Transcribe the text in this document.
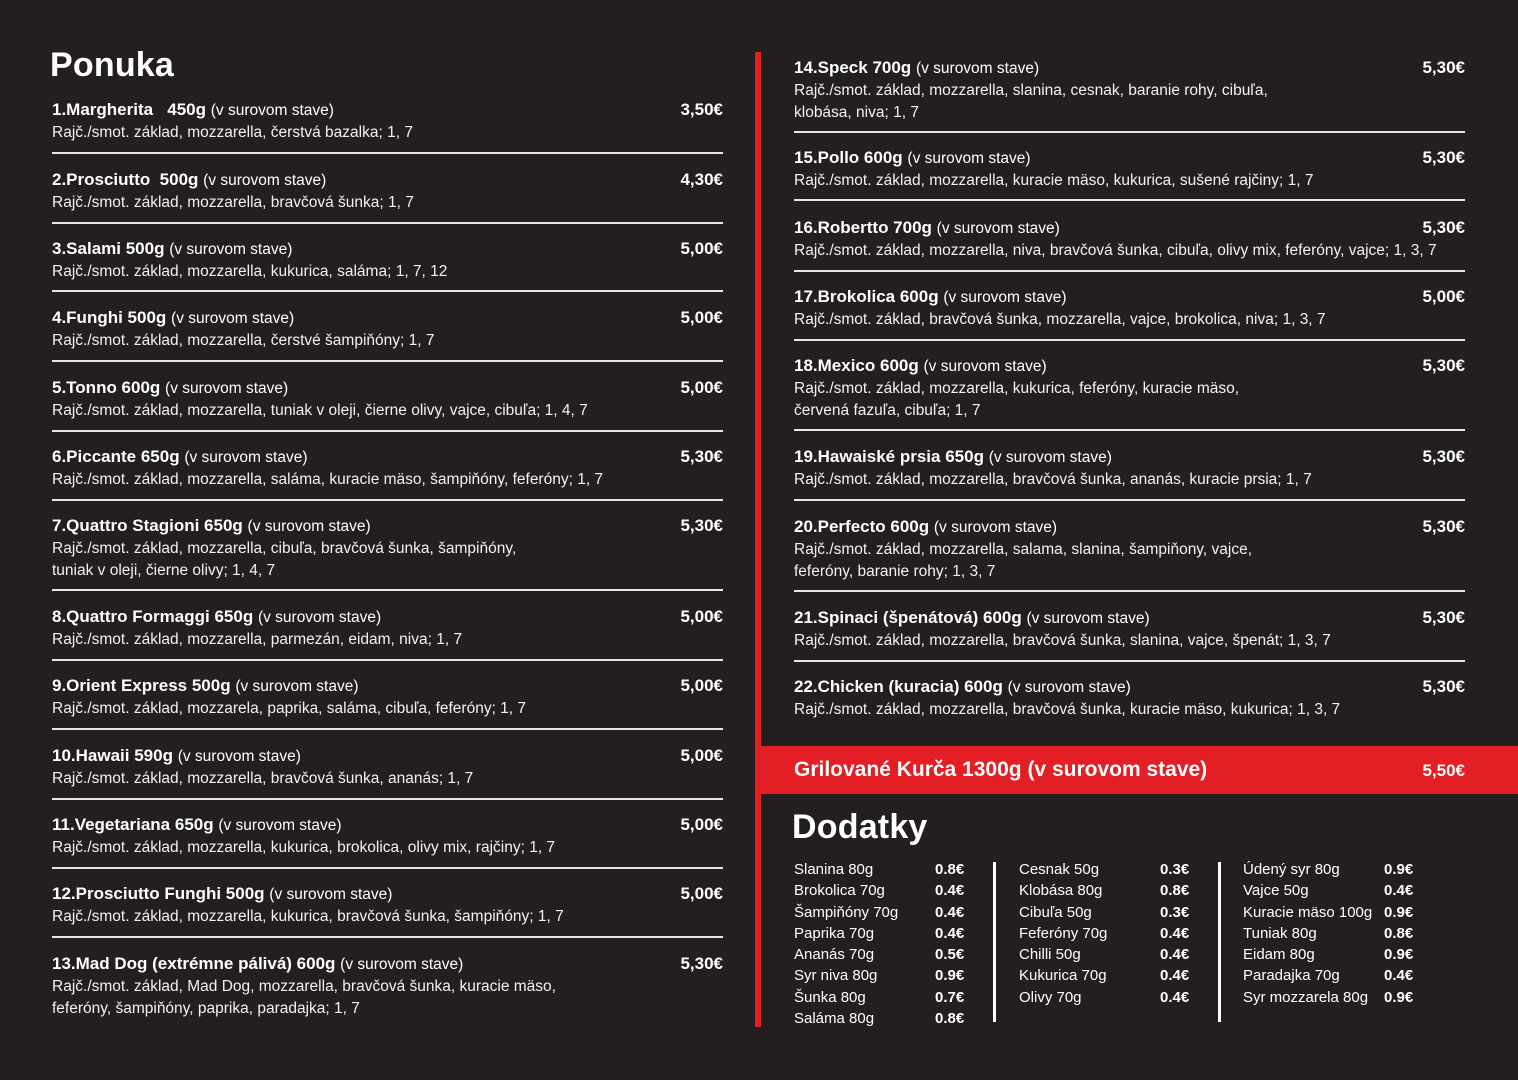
Ponuka
1.Margherita   450g (v surovom stave)	3,50€
Rajč./smot. základ, mozzarella, čerstvá bazalka; 1, 7
2.Prosciutto  500g (v surovom stave)	4,30€
Rajč./smot. základ, mozzarella, bravčová šunka; 1, 7
3.Salami 500g (v surovom stave)	5,00€
Rajč./smot. základ, mozzarella, kukurica, saláma; 1, 7, 12
4.Funghi 500g (v surovom stave)	5,00€
Rajč./smot. základ, mozzarella, čerstvé šampiňóny; 1, 7
5.Tonno 600g (v surovom stave)	5,00€
Rajč./smot. základ, mozzarella, tuniak v oleji, čierne olivy, vajce, cibuľa; 1, 4, 7
6.Piccante 650g (v surovom stave)	5,30€
Rajč./smot. základ, mozzarella, saláma, kuracie mäso, šampiňóny, feferóny; 1, 7
7.Quattro Stagioni 650g (v surovom stave)	5,30€
Rajč./smot. základ, mozzarella, cibuľa, bravčová šunka, šampiňóny,
tuniak v oleji, čierne olivy; 1, 4, 7
8.Quattro Formaggi 650g (v surovom stave)	5,00€
Rajč./smot. základ, mozzarella, parmezán, eidam, niva; 1, 7
9.Orient Express 500g (v surovom stave)	5,00€
Rajč./smot. základ, mozzarela, paprika, saláma, cibuľa, feferóny; 1, 7
10.Hawaii 590g (v surovom stave)	5,00€
Rajč./smot. základ, mozzarella, bravčová šunka, ananás; 1, 7
11.Vegetariana 650g (v surovom stave)	5,00€
Rajč./smot. základ, mozzarella, kukurica, brokolica, olivy mix, rajčiny; 1, 7
12.Prosciutto Funghi 500g (v surovom stave)	5,00€
Rajč./smot. základ, mozzarella, kukurica, bravčová šunka, šampiňóny; 1, 7
13.Mad Dog (extrémne pálivá) 600g (v surovom stave)	5,30€
Rajč./smot. základ, Mad Dog, mozzarella, bravčová šunka, kuracie mäso,
feferóny, šampiňóny, paprika, paradajka; 1, 7
14.Speck 700g (v surovom stave)	5,30€
Rajč./smot. základ, mozzarella, slanina, cesnak, baranie rohy, cibuľa,
klobása, niva; 1, 7
15.Pollo 600g (v surovom stave)	5,30€
Rajč./smot. základ, mozzarella, kuracie mäso, kukurica, sušené rajčiny; 1, 7
16.Robertto 700g (v surovom stave)	5,30€
Rajč./smot. základ, mozzarella, niva, bravčová šunka, cibuľa, olivy mix, feferóny, vajce; 1, 3, 7
17.Brokolica 600g (v surovom stave)	5,00€
Rajč./smot. základ, bravčová šunka, mozzarella, vajce, brokolica, niva; 1, 3, 7
18.Mexico 600g (v surovom stave)	5,30€
Rajč./smot. základ, mozzarella, kukurica, feferóny, kuracie mäso,
červená fazuľa, cibuľa; 1, 7
19.Hawaiské prsia 650g (v surovom stave)	5,30€
Rajč./smot. základ, mozzarella, bravčová šunka, ananás, kuracie prsia; 1, 7
20.Perfecto 600g (v surovom stave)	5,30€
Rajč./smot. základ, mozzarella, salama, slanina, šampiňony, vajce,
feferóny, baranie rohy; 1, 3, 7
21.Spinaci (špenátová) 600g (v surovom stave)	5,30€
Rajč./smot. základ, mozzarella, bravčová šunka, slanina, vajce, špenát; 1, 3, 7
22.Chicken (kuracia) 600g (v surovom stave)	5,30€
Rajč./smot. základ, mozzarella, bravčová šunka, kuracie mäso, kukurica; 1, 3, 7
Grilované Kurča 1300g (v surovom stave)	5,50€
Dodatky
Slanina 80g	0.8€
Brokolica 70g	0.4€
Šampiňóny 70g 0.4€
Paprika 70g	0.4€
Ananás 70g	0.5€
Syr niva 80g	0.9€
Šunka 80g	0.7€
Saláma 80g	0.8€
Cesnak 50g	0.3€
Klobása 80g	0.8€
Cibuľa 50g	0.3€
Feferóny 70g	0.4€
Chilli 50g	0.4€
Kukurica 70g	0.4€
Olivy 70g	0.4€
Údený syr 80g	0.9€
Vajce 50g	0.4€
Kuracie mäso 100g 0.9€
Tuniak 80g	0.8€
Eidam 80g	0.9€
Paradajka 70g	0.4€
Syr mozzarela 80g 0.9€
